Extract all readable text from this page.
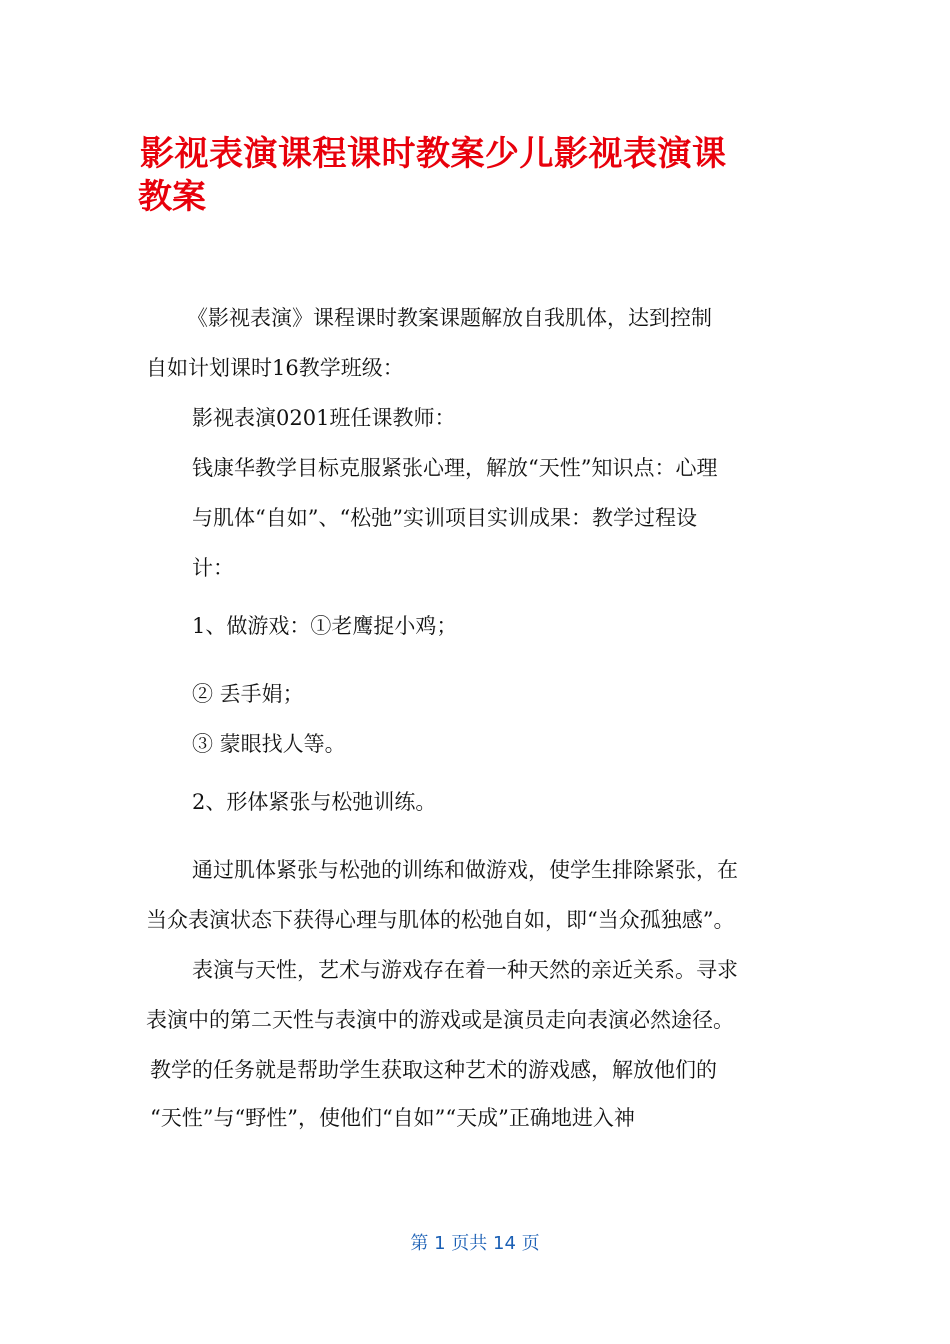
影视表演课程课时教案少儿影视表演课
教案

《影视表演》课程课时教案课题解放自我肌体，达到控制

自如计划课时16教学班级：

影视表演0201班任课教师：

钱康华教学目标克服紧张心理，解放“天性”知识点：心理

与肌体“自如”、“松弛”实训项目实训成果：教学过程设

计：

1、做游戏：①老鹰捉小鸡；

② 丢手娟；

③ 蒙眼找人等。

2、形体紧张与松弛训练。

通过肌体紧张与松弛的训练和做游戏，使学生排除紧张，在

当众表演状态下获得心理与肌体的松弛自如，即“当众孤独感”。

表演与天性，艺术与游戏存在着一种天然的亲近关系。寻求

表演中的第二天性与表演中的游戏或是演员走向表演必然途径。

教学的任务就是帮助学生获取这种艺术的游戏感，解放他们的

“天性”与“野性”，使他们“自如”“天成”正确地进入神

第 1 页共 14 页
